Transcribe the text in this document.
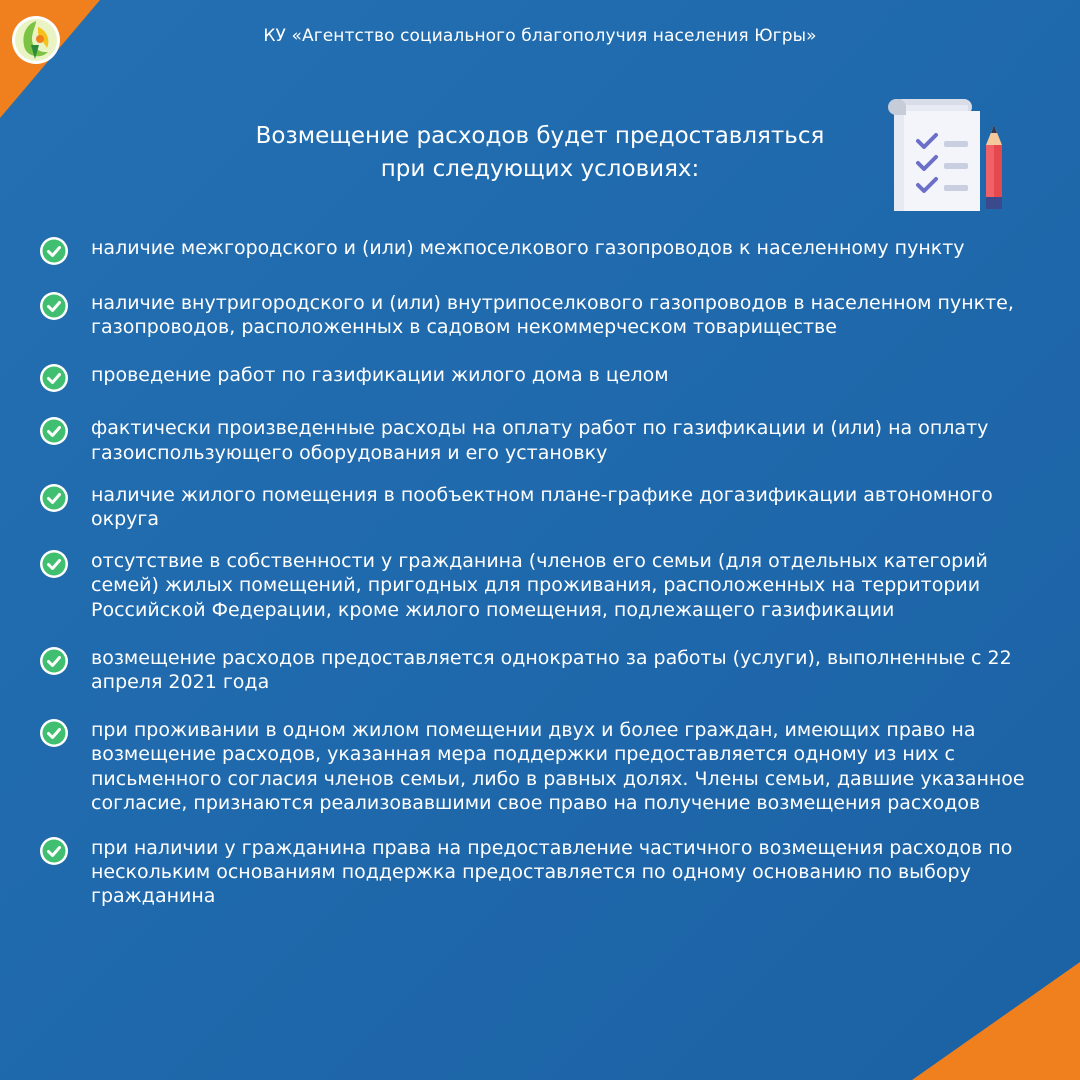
КУ «Агентство социального благополучия населения Югры»
Возмещение расходов будет предоставляться
при следующих условиях:
наличие межгородского и (или) межпоселкового газопроводов к населенному пункту
наличие внутригородского и (или) внутрипоселкового газопроводов в населенном пункте, газопроводов, расположенных в садовом некоммерческом товариществе
проведение работ по газификации жилого дома в целом
фактически произведенные расходы на оплату работ по газификации и (или) на оплату газоиспользующего оборудования и его установку
наличие жилого помещения в пообъектном плане-графике догазификации автономного округа
отсутствие в собственности у гражданина (членов его семьи (для отдельных категорий семей) жилых помещений, пригодных для проживания, расположенных на территории Российской Федерации, кроме жилого помещения, подлежащего газификации
возмещение расходов предоставляется однократно за работы (услуги), выполненные с 22 апреля 2021 года
при проживании в одном жилом помещении двух и более граждан, имеющих право на возмещение расходов, указанная мера поддержки предоставляется одному из них с письменного согласия членов семьи, либо в равных долях. Члены семьи, давшие указанное согласие, признаются реализовавшими свое право на получение возмещения расходов
при наличии у гражданина права на предоставление частичного возмещения расходов по нескольким основаниям поддержка предоставляется по одному основанию по выбору гражданина
